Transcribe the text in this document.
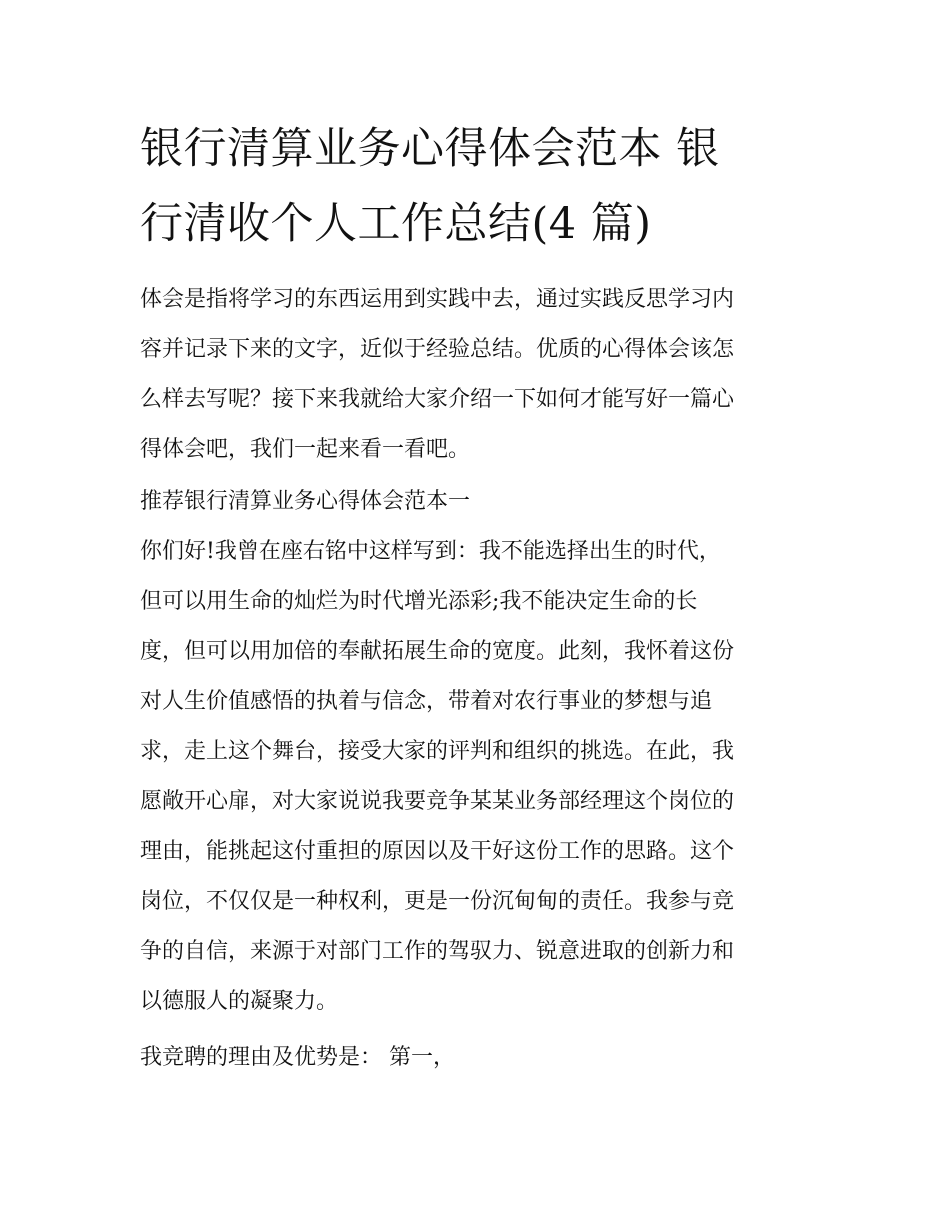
银行清算业务心得体会范本 银
行清收个人工作总结(4 篇)
体会是指将学习的东西运用到实践中去，通过实践反思学习内
容并记录下来的文字，近似于经验总结。优质的心得体会该怎
么样去写呢？接下来我就给大家介绍一下如何才能写好一篇心
得体会吧，我们一起来看一看吧。
推荐银行清算业务心得体会范本一
你们好!我曾在座右铭中这样写到：我不能选择出生的时代，
但可以用生命的灿烂为时代增光添彩;我不能决定生命的长
度，但可以用加倍的奉献拓展生命的宽度。此刻，我怀着这份
对人生价值感悟的执着与信念，带着对农行事业的梦想与追
求，走上这个舞台，接受大家的评判和组织的挑选。在此，我
愿敞开心扉，对大家说说我要竞争某某业务部经理这个岗位的
理由，能挑起这付重担的原因以及干好这份工作的思路。这个
岗位，不仅仅是一种权利，更是一份沉甸甸的责任。我参与竞
争的自信，来源于对部门工作的驾驭力、锐意进取的创新力和
以德服人的凝聚力。
我竞聘的理由及优势是： 第一，
